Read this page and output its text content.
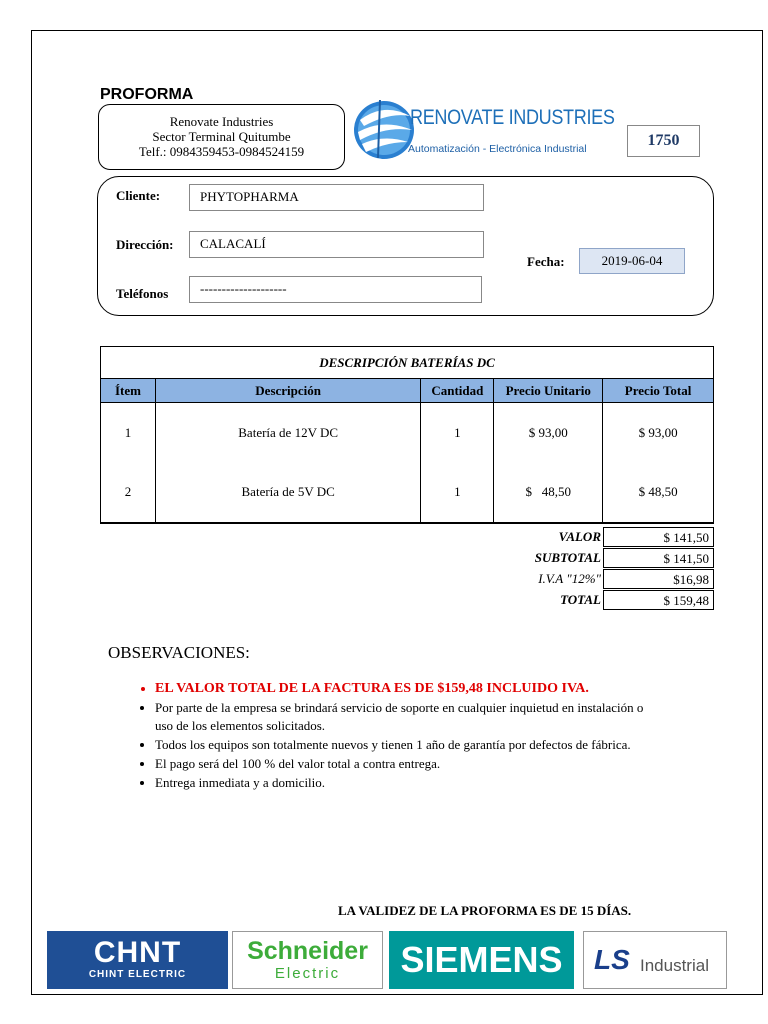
PROFORMA
Renovate Industries
Sector Terminal Quitumbe
Telf.: 0984359453-0984524159
RENOVATE INDUSTRIES
Automatización - Electrónica Industrial	1750
Cliente:	PHYTOPHARMA
Dirección:	CALACALÍ
Teléfonos	--------------------
Fecha:	2019-06-04
DESCRIPCIÓN BATERÍAS DC				
Ítem	Descripción	Cantidad	Precio Unitario	Precio Total
1	Batería de 12V DC	1	$ 93,00	$ 93,00
2	Batería de 5V DC	1	$   48,50	$ 48,50
VALOR	$ 141,50
SUBTOTAL	$ 141,50
I.V.A "12%"	$16,98
TOTAL	$ 159,48
OBSERVACIONES:
• EL VALOR TOTAL DE LA FACTURA ES DE $159,48 INCLUIDO IVA.
• Por parte de la empresa se brindará servicio de soporte en cualquier inquietud en instalación o uso de los elementos solicitados.
• Todos los equipos son totalmente nuevos y tienen 1 año de garantía por defectos de fábrica.
• El pago será del 100 % del valor total a contra entrega.
• Entrega inmediata y a domicilio.
LA VALIDEZ DE LA PROFORMA ES DE 15 DÍAS.
CHNT
CHINT ELECTRIC
Schneider
Electric	SIEMENS	LS Industrial
